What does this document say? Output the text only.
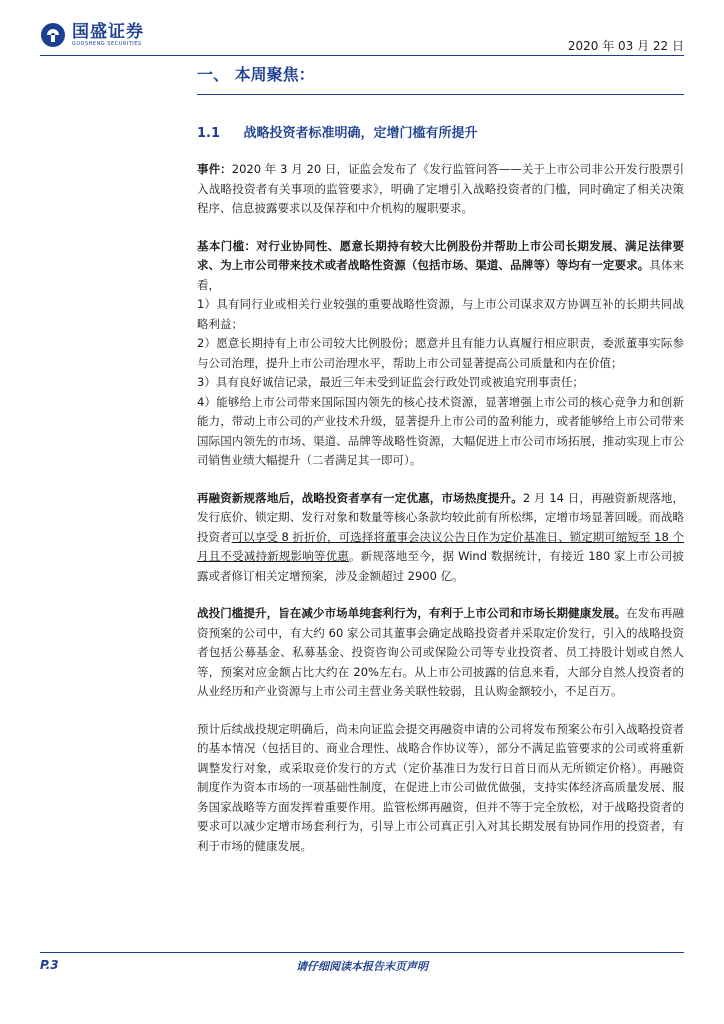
国盛证券
GUOSHENG SECURITIES	2020 年 03 月 22 日
一、 本周聚焦：
1.1 战略投资者标准明确，定增门槛有所提升

事件：2020 年 3 月 20 日，证监会发布了《发行监管问答——关于上市公司非公开发行股票引入战略投资者有关事项的监管要求》，明确了定增引入战略投资者的门槛，同时确定了相关决策程序、信息披露要求以及保荐和中介机构的履职要求。

基本门槛：对行业协同性、愿意长期持有较大比例股份并帮助上市公司长期发展、满足法律要求、为上市公司带来技术或者战略性资源（包括市场、渠道、品牌等）等均有一定要求。具体来看，
1）具有同行业或相关行业较强的重要战略性资源，与上市公司谋求双方协调互补的长期共同战略利益；
2）愿意长期持有上市公司较大比例股份；愿意并且有能力认真履行相应职责，委派董事实际参与公司治理，提升上市公司治理水平，帮助上市公司显著提高公司质量和内在价值；
3）具有良好诚信记录，最近三年未受到证监会行政处罚或被追究刑事责任；
4）能够给上市公司带来国际国内领先的核心技术资源，显著增强上市公司的核心竞争力和创新能力，带动上市公司的产业技术升级，显著提升上市公司的盈利能力，或者能够给上市公司带来国际国内领先的市场、渠道、品牌等战略性资源，大幅促进上市公司市场拓展，推动实现上市公司销售业绩大幅提升（二者满足其一即可）。

再融资新规落地后，战略投资者享有一定优惠，市场热度提升。2 月 14 日，再融资新规落地，发行底价、锁定期、发行对象和数量等核心条款均较此前有所松绑，定增市场显著回暖。而战略投资者可以享受 8 折折价，可选择将董事会决议公告日作为定价基准日、锁定期可缩短至 18 个月且不受减持新规影响等优惠。新规落地至今，据 Wind 数据统计，有接近 180 家上市公司披露或者修订相关定增预案，涉及金额超过 2900 亿。

战投门槛提升，旨在减少市场单纯套利行为，有利于上市公司和市场长期健康发展。在发布再融资预案的公司中，有大约 60 家公司其董事会确定战略投资者并采取定价发行，引入的战略投资者包括公募基金、私募基金、投资咨询公司或保险公司等专业投资者、员工持股计划或自然人等，预案对应金额占比大约在 20%左右。从上市公司披露的信息来看，大部分自然人投资者的从业经历和产业资源与上市公司主营业务关联性较弱，且认购金额较小，不足百万。

预计后续战投规定明确后，尚未向证监会提交再融资申请的公司将发布预案公布引入战略投资者的基本情况（包括目的、商业合理性、战略合作协议等），部分不满足监管要求的公司或将重新调整发行对象，或采取竞价发行的方式（定价基准日为发行日首日而从无所锁定价格）。再融资制度作为资本市场的一项基础性制度，在促进上市公司做优做强，支持实体经济高质量发展、服务国家战略等方面发挥着重要作用。监管松绑再融资，但并不等于完全放松，对于战略投资者的要求可以减少定增市场套利行为，引导上市公司真正引入对其长期发展有协同作用的投资者，有利于市场的健康发展。

请仔细阅读本报告末页声明
P.3
